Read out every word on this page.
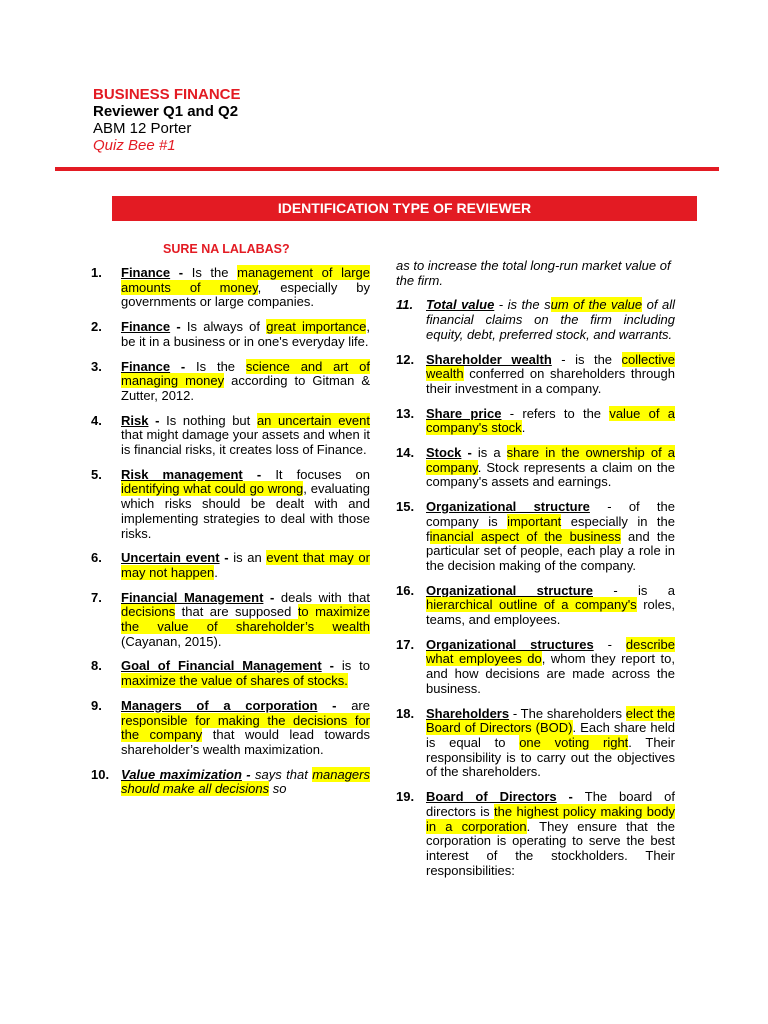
BUSINESS FINANCE
Reviewer Q1 and Q2
ABM 12 Porter
Quiz Bee #1
IDENTIFICATION TYPE OF REVIEWER
SURE NA LALABAS?
1.	Finance - Is the management of large amounts of money, especially by governments or large companies.
2.	Finance - Is always of great importance, be it in a business or in one's everyday life.
3.	Finance - Is the science and art of managing money according to Gitman & Zutter, 2012.
4.	Risk - Is nothing but an uncertain event that might damage your assets and when it is financial risks, it creates loss of Finance.
5.	Risk management - It focuses on identifying what could go wrong, evaluating which risks should be dealt with and implementing strategies to deal with those risks.
6.	Uncertain event - is an event that may or may not happen.
7.	Financial Management - deals with that decisions that are supposed to maximize the value of shareholder’s wealth (Cayanan, 2015).
8.	Goal of Financial Management - is to maximize the value of shares of stocks.
9.	Managers of a corporation - are responsible for making the decisions for the company that would lead towards shareholder’s wealth maximization.
10. Value maximization - says that managers should make all decisions so
as to increase the total long-run market value of the firm.
11. Total value - is the sum of the value of all financial claims on the firm including equity, debt, preferred stock, and warrants.
12. Shareholder wealth - is the collective wealth conferred on shareholders through their investment in a company.
13. Share price - refers to the value of a company's stock.
14. Stock - is a share in the ownership of a company. Stock represents a claim on the company's assets and earnings.
15. Organizational structure - of the company is important especially in the financial aspect of the business and the particular set of people, each play a role in the decision making of the company.
16. Organizational structure - is a hierarchical outline of a company's roles, teams, and employees.
17. Organizational structures - describe what employees do, whom they report to, and how decisions are made across the business.
18. Shareholders - The shareholders elect the Board of Directors (BOD). Each share held is equal to one voting right. Their responsibility is to carry out the objectives of the shareholders.
19. Board of Directors - The board of directors is the highest policy making body in a corporation. They ensure that the corporation is operating to serve the best interest of the stockholders. Their responsibilities:
